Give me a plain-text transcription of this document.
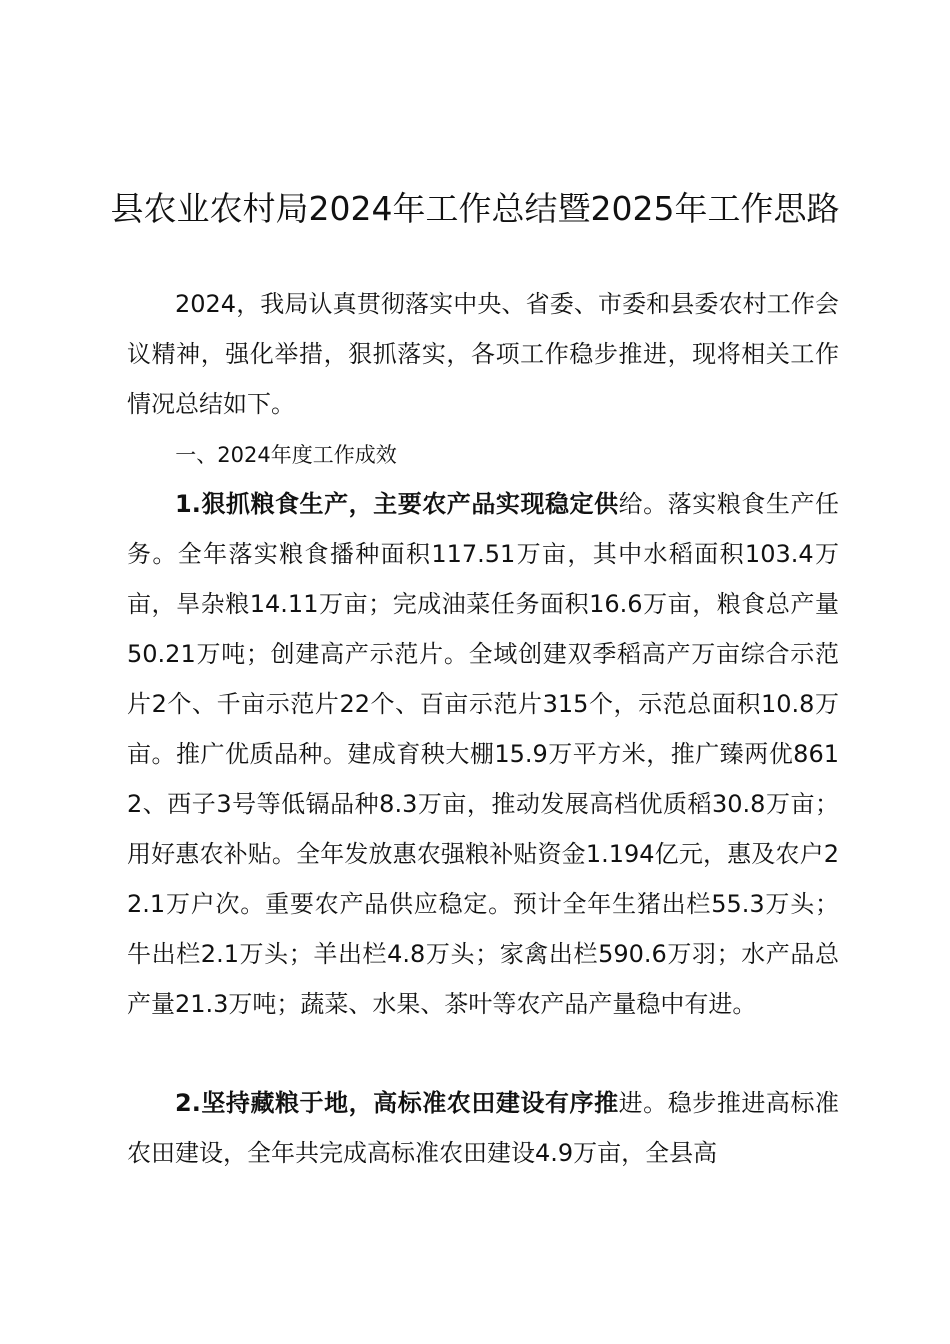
县农业农村局2024年工作总结暨2025年工作思路

2024，我局认真贯彻落实中央、省委、市委和县委农村工作会议精神，强化举措，狠抓落实，各项工作稳步推进，现将相关工作情况总结如下。

一、2024年度工作成效

1.狠抓粮食生产，主要农产品实现稳定供给。落实粮食生产任务。全年落实粮食播种面积117.51万亩，其中水稻面积103.4万亩，旱杂粮14.11万亩；完成油菜任务面积16.6万亩，粮食总产量50.21万吨；创建高产示范片。全域创建双季稻高产万亩综合示范片2个、千亩示范片22个、百亩示范片315个，示范总面积10.8万亩。推广优质品种。建成育秧大棚15.9万平方米，推广臻两优8612、西子3号等低镉品种8.3万亩，推动发展高档优质稻30.8万亩；用好惠农补贴。全年发放惠农强粮补贴资金1.194亿元，惠及农户22.1万户次。重要农产品供应稳定。预计全年生猪出栏55.3万头；牛出栏2.1万头；羊出栏4.8万头；家禽出栏590.6万羽；水产品总产量21.3万吨；蔬菜、水果、茶叶等农产品产量稳中有进。

2.坚持藏粮于地，高标准农田建设有序推进。稳步推进高标准农田建设，全年共完成高标准农田建设4.9万亩，全县高
